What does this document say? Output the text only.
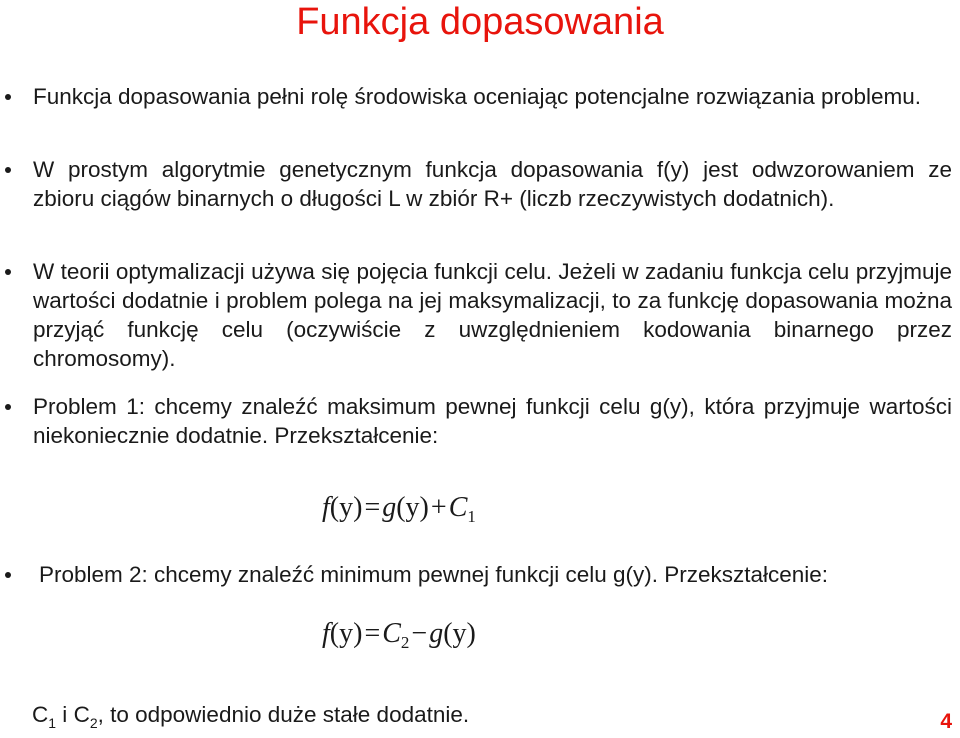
Funkcja dopasowania
Funkcja dopasowania pełni rolę środowiska oceniając potencjalne rozwiązania problemu.
W prostym algorytmie genetycznym funkcja dopasowania f(y) jest odwzorowaniem ze zbioru ciągów binarnych o długości L w zbiór R+ (liczb rzeczywistych dodatnich).
W teorii optymalizacji używa się pojęcia funkcji celu. Jeżeli w zadaniu funkcja celu przyjmuje wartości dodatnie i problem polega na jej maksymalizacji, to za funkcję dopasowania można przyjąć funkcję celu (oczywiście z uwzględnieniem kodowania binarnego przez chromosomy).
Problem 1: chcemy znaleźć maksimum pewnej funkcji celu g(y), która przyjmuje wartości niekoniecznie dodatnie. Przekształcenie:
$f(y)=g(y)+C_1$
Problem 2: chcemy znaleźć minimum pewnej funkcji celu g(y). Przekształcenie:
$f(y)=C_2-g(y)$
$C_1$ i $C_2$, to odpowiednio duże stałe dodatnie.	4
